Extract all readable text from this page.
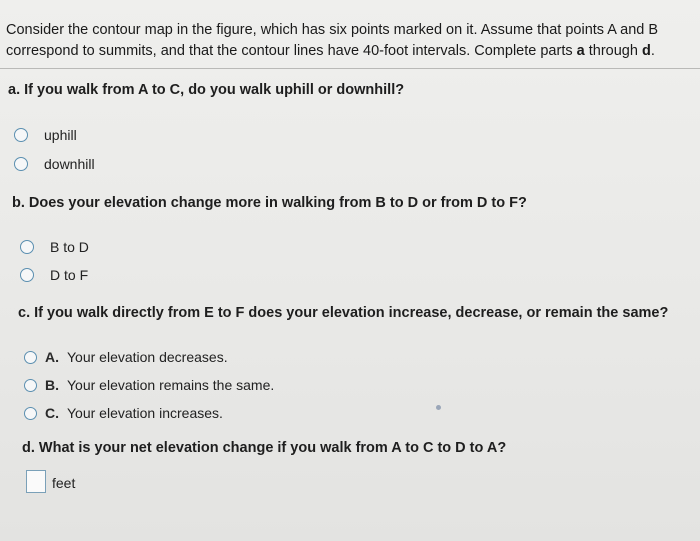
Consider the contour map in the figure, which has six points marked on it. Assume that points A and B correspond to summits, and that the contour lines have 40-foot intervals. Complete parts a through d.
a. If you walk from A to C, do you walk uphill or downhill?
uphill
downhill
b. Does your elevation change more in walking from B to D or from D to F?
B to D
D to F
c. If you walk directly from E to F does your elevation increase, decrease, or remain the same?
A. Your elevation decreases.
B. Your elevation remains the same.
C. Your elevation increases.
d. What is your net elevation change if you walk from A to C to D to A?
feet
